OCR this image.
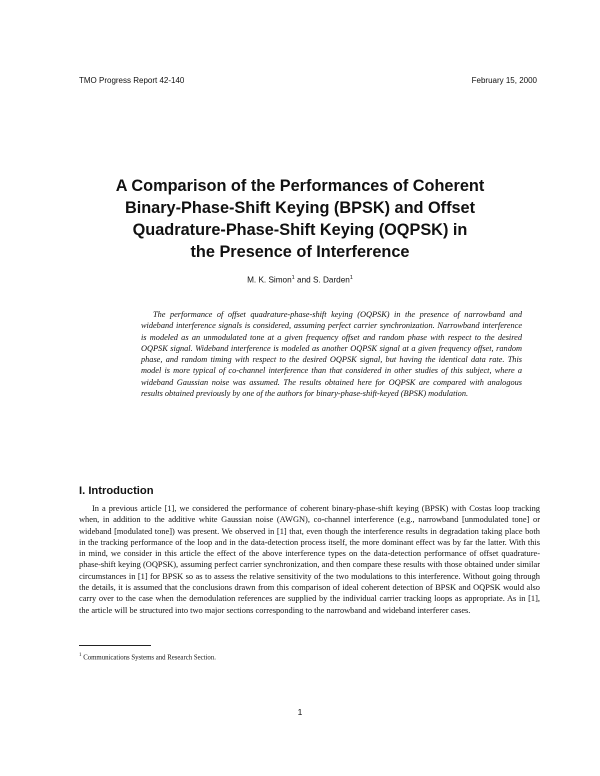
TMO Progress Report 42-140	February 15, 2000
A Comparison of the Performances of Coherent
Binary-Phase-Shift Keying (BPSK) and Offset
Quadrature-Phase-Shift Keying (OQPSK) in
the Presence of Interference
M. K. Simon$^1$ and S. Darden$^1$

The performance of offset quadrature-phase-shift keying (OQPSK) in the presence of narrowband and wideband interference signals is considered, assuming perfect carrier synchronization. Narrowband interference is modeled as an unmodulated tone at a given frequency offset and random phase with respect to the desired OQPSK signal. Wideband interference is modeled as another OQPSK signal at a given frequency offset, random phase, and random timing with respect to the desired OQPSK signal, but having the identical data rate. This model is more typical of co-channel interference than that considered in other studies of this subject, where a wideband Gaussian noise was assumed. The results obtained here for OQPSK are compared with analogous results obtained previously by one of the authors for binary-phase-shift-keyed (BPSK) modulation.

I. Introduction

In a previous article [1], we considered the performance of coherent binary-phase-shift keying (BPSK) with Costas loop tracking when, in addition to the additive white Gaussian noise (AWGN), co-channel interference (e.g., narrowband [unmodulated tone] or wideband [modulated tone]) was present. We observed in [1] that, even though the interference results in degradation taking place both in the tracking performance of the loop and in the data-detection process itself, the more dominant effect was by far the latter. With this in mind, we consider in this article the effect of the above interference types on the data-detection performance of offset quadrature-phase-shift keying (OQPSK), assuming perfect carrier synchronization, and then compare these results with those obtained under similar circumstances in [1] for BPSK so as to assess the relative sensitivity of the two modulations to this interference. Without going through the details, it is assumed that the conclusions drawn from this comparison of ideal coherent detection of BPSK and OQPSK would also carry over to the case when the demodulation references are supplied by the individual carrier tracking loops as appropriate. As in [1], the article will be structured into two major sections corresponding to the narrowband and wideband interferer cases.

$^1$ Communications Systems and Research Section.
1
